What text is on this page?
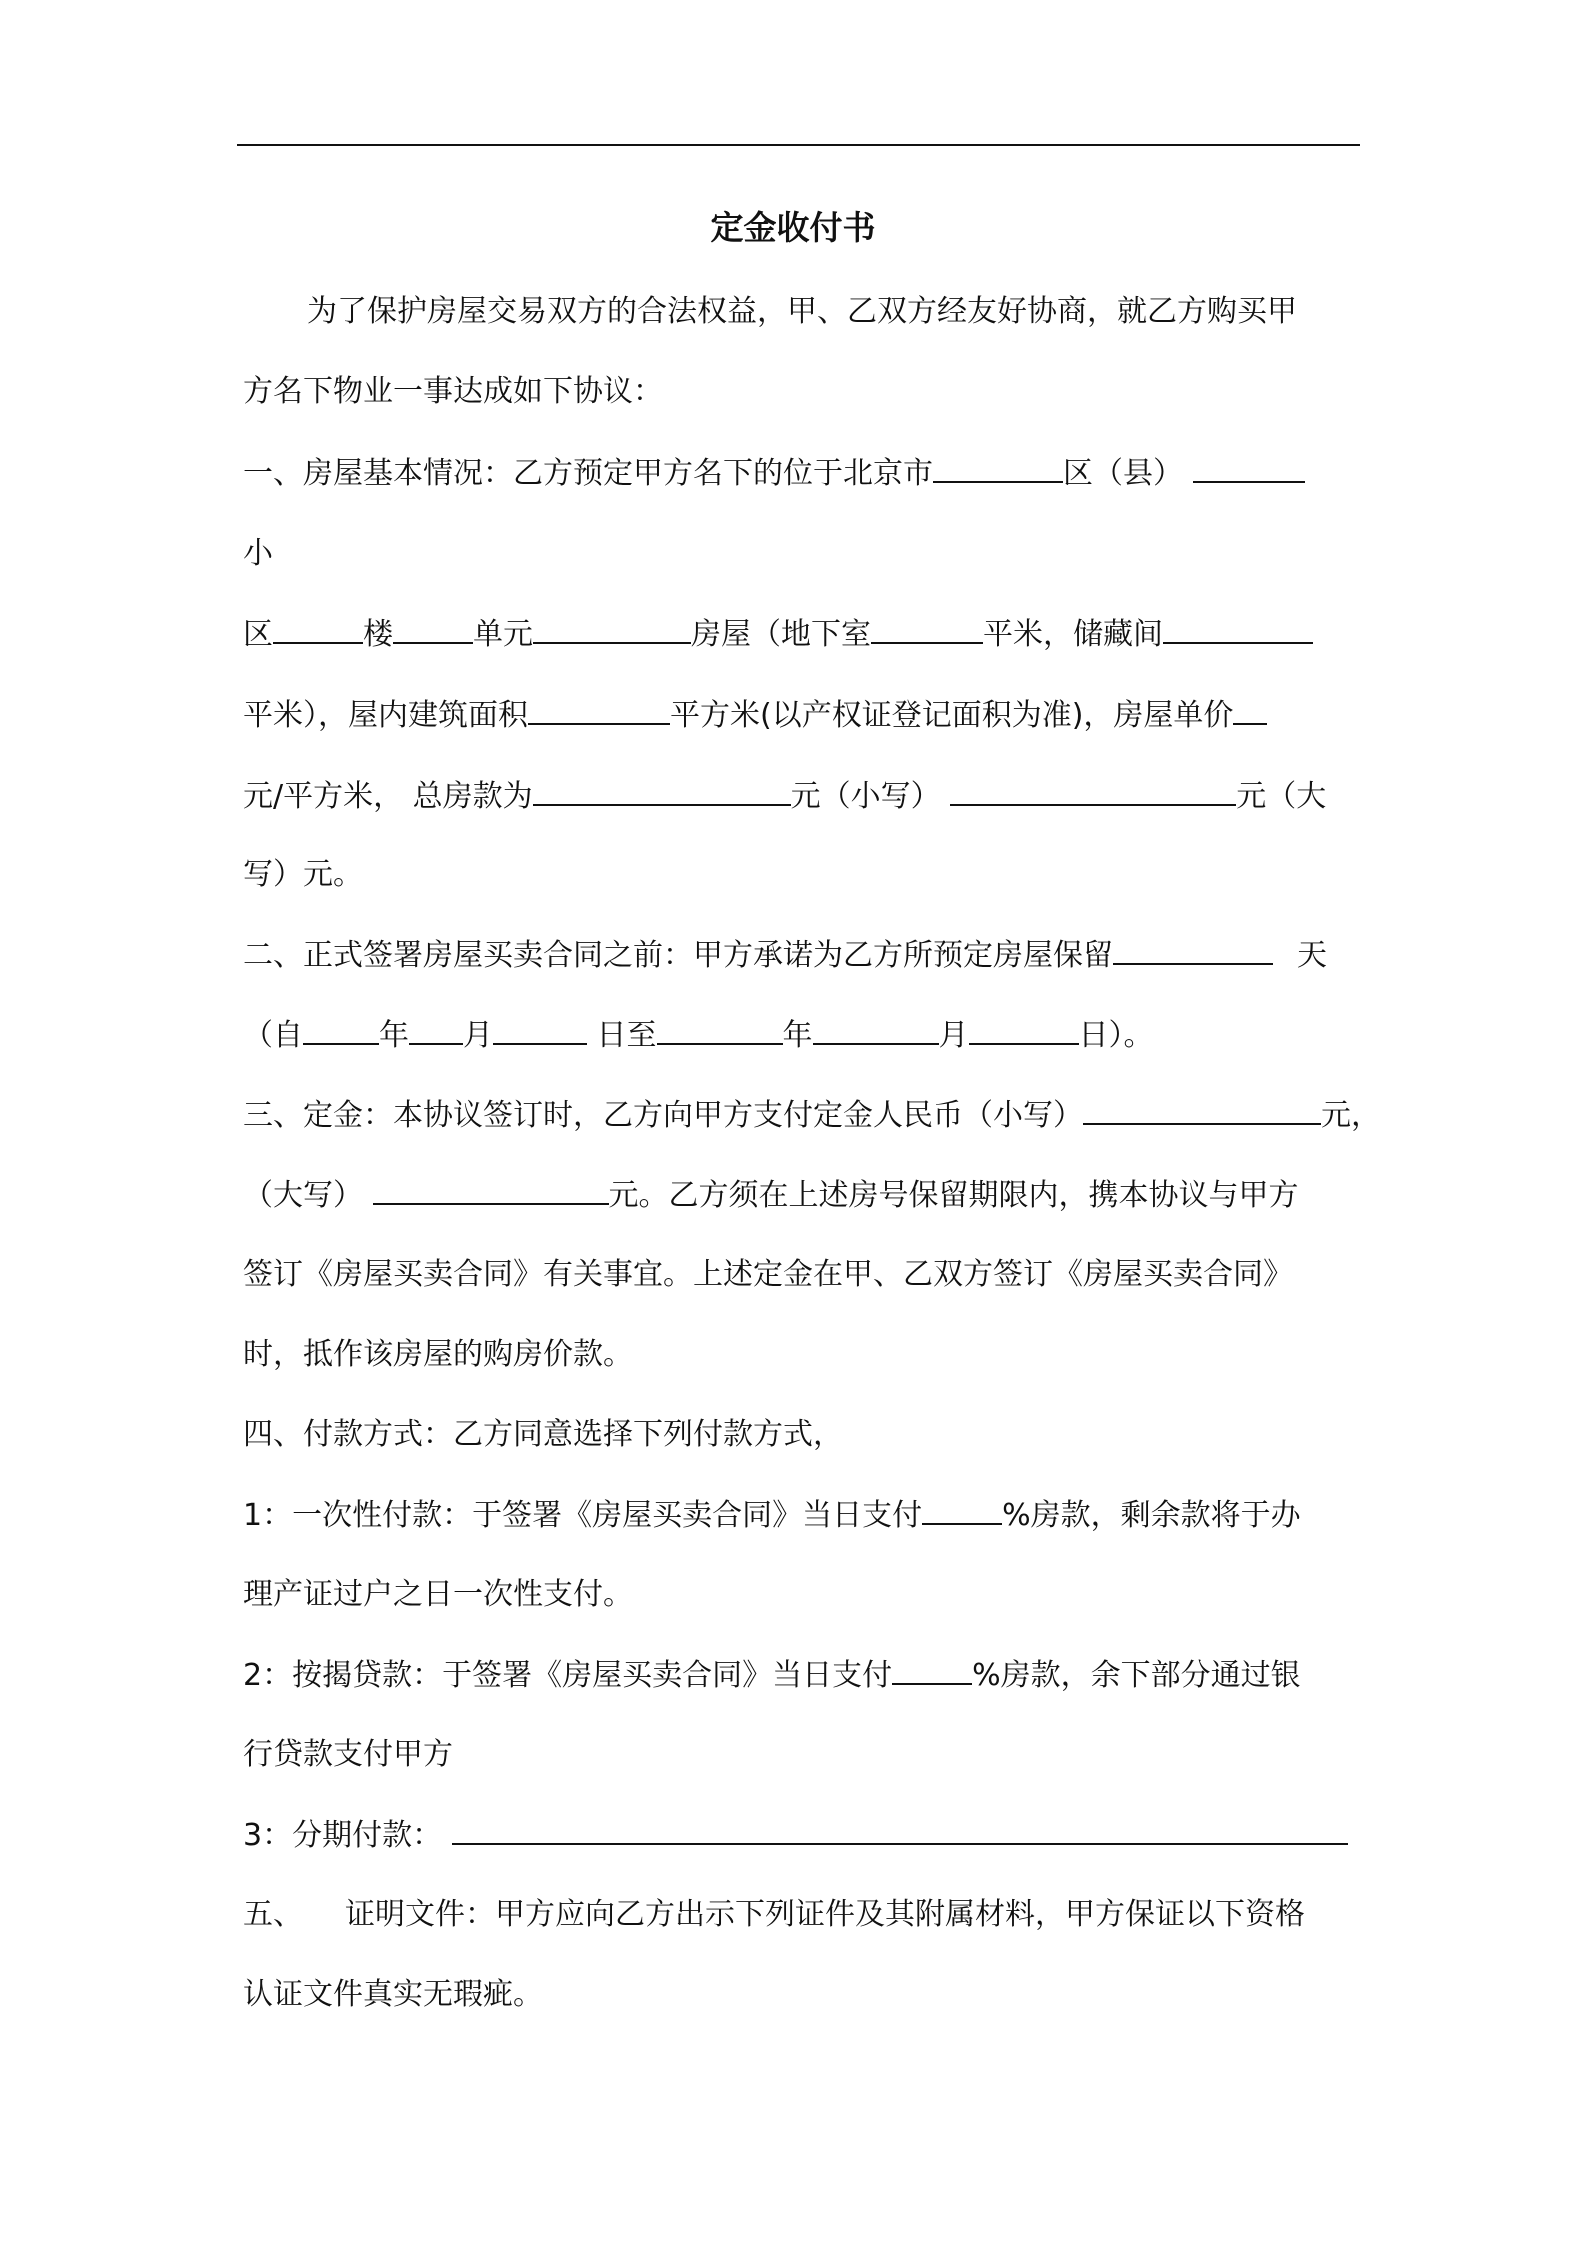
定金收付书
为了保护房屋交易双方的合法权益，甲、乙双方经友好协商，就乙方购买甲
方名下物业一事达成如下协议：
一、房屋基本情况：乙方预定甲方名下的位于北京市	区（县）
小
区	楼	单元	房屋（地下室	平米，储藏间
平米），屋内建筑面积	平方米(以产权证登记面积为准)，房屋单价
元/平方米， 总房款为	元（小写）	元（大
写）元。
二、正式签署房屋买卖合同之前：甲方承诺为乙方所预定房屋保留	天
（自	年 月	日至	年	月	日）。
三、定金：本协议签订时，乙方向甲方支付定金人民币（小写）	元，
（大写）	元。乙方须在上述房号保留期限内，携本协议与甲方
签订《房屋买卖合同》有关事宜。上述定金在甲、乙双方签订《房屋买卖合同》
时，抵作该房屋的购房价款。
四、付款方式：乙方同意选择下列付款方式，
1：一次性付款：于签署《房屋买卖合同》当日支付	%房款，剩余款将于办
理产证过户之日一次性支付。
2：按揭贷款：于签署《房屋买卖合同》当日支付	%房款，余下部分通过银
行贷款支付甲方
3：分期付款：
五、 证明文件：甲方应向乙方出示下列证件及其附属材料，甲方保证以下资格
认证文件真实无瑕疵。
